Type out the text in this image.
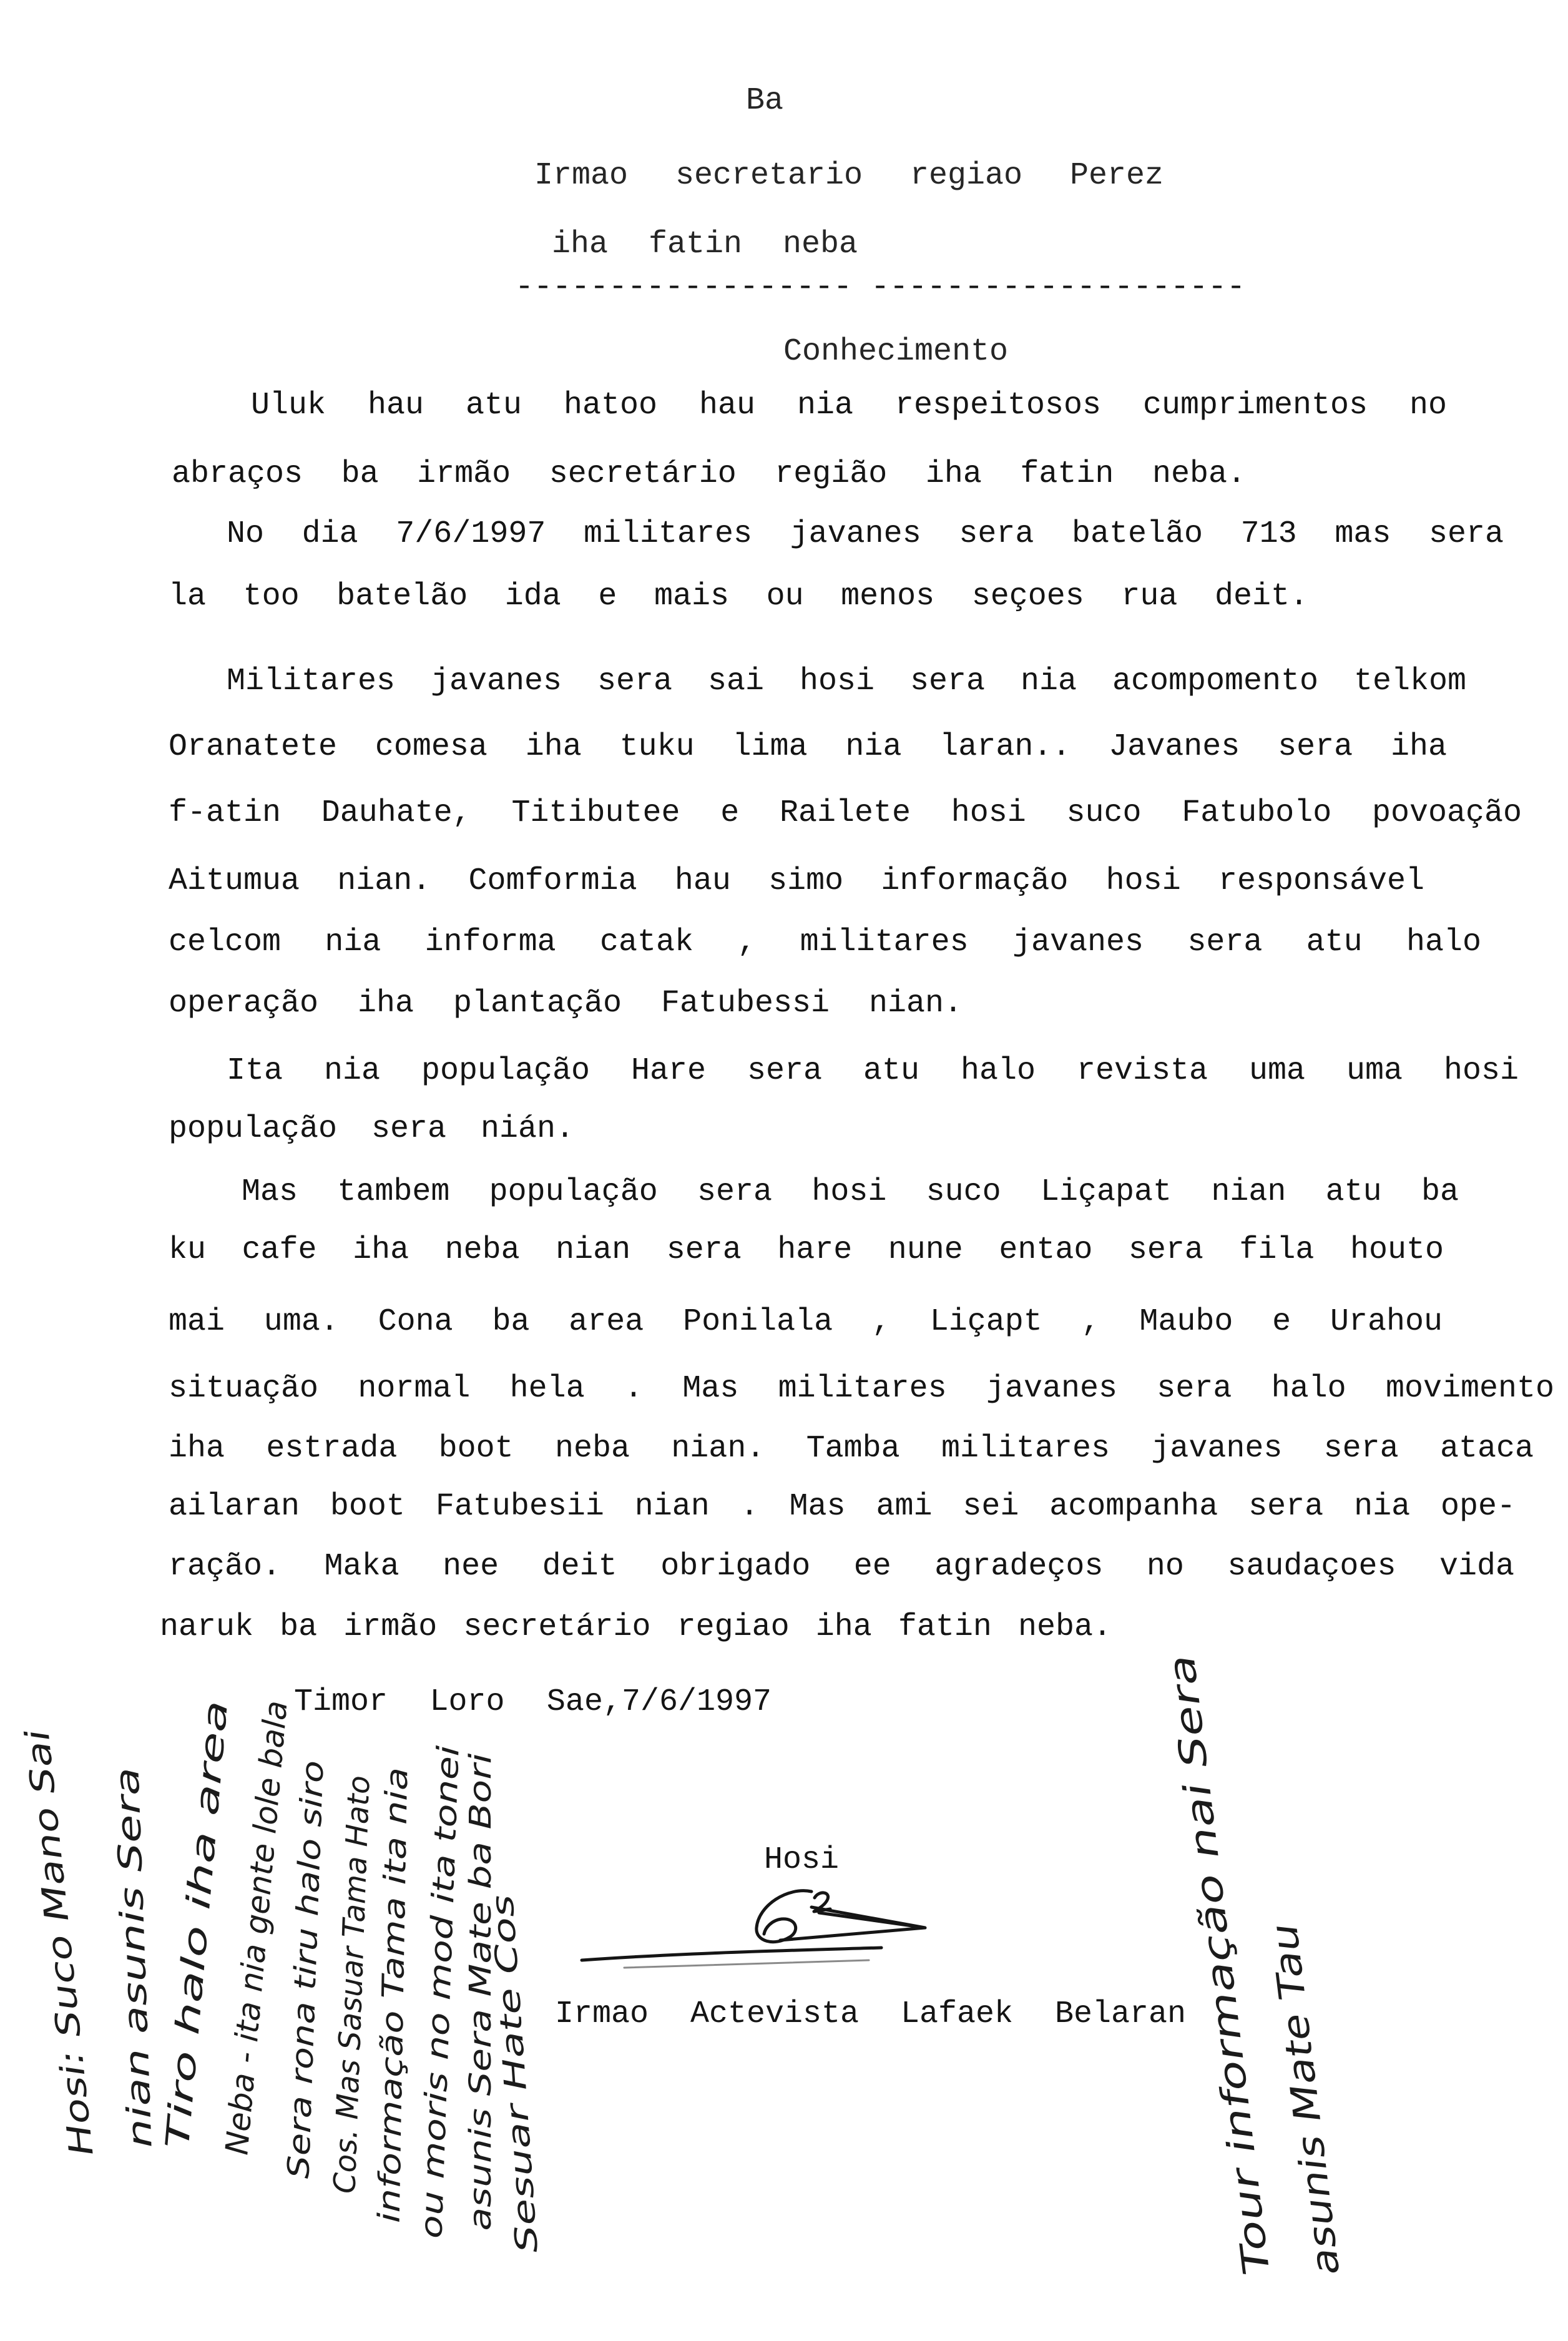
Ba
Irmao secretario regiao Perez
iha fatin neba
------------------ --------------------
Conhecimento
Uluk hau atu hatoo hau nia respeitosos cumprimentos no
abraços ba irmão secretário região iha fatin neba.
No dia 7/6/1997 militares javanes sera batelão 713 mas sera
la too batelão ida e mais ou menos seçoes rua deit.
Militares javanes sera sai hosi sera nia acompomento telkom
Oranatete comesa iha tuku lima nia laran.. Javanes sera iha
f-atin Dauhate, Titibutee e Railete hosi suco Fatubolo povoação
Aitumua nian. Comformia hau simo informação hosi responsável
celcom nia informa catak , militares javanes sera atu halo
operação iha plantação Fatubessi nian.
Ita nia população Hare sera atu halo revista uma uma hosi
população sera nián.
Mas tambem população sera hosi suco Liçapat nian atu ba
ku cafe iha neba nian sera hare nune entao sera fila houto
mai uma. Cona ba area Ponilala , Liçapt , Maubo e Urahou
situação normal hela . Mas militares javanes sera halo movimento
iha estrada boot neba nian. Tamba militares javanes sera ataca
ailaran boot Fatubesii nian . Mas ami sei acompanha sera nia ope-
ração. Maka nee deit obrigado ee agradeços no saudaçoes vida
naruk ba irmão secretário regiao iha fatin neba.
Timor Loro Sae,7/6/1997
Hosi
Irmao Actevista Lafaek Belaran
Hosi: Suco Mano Sai nian asunis Sera Tiro halo iha area
Neba - ita nia gente lole bala
Sera rona tiru halo siro
Cos. Mas Sasuar Tama Hato
informação Tama ita nia ou moris no mod ita tonei asunis Sera Mate ba Bori
Sesuar Hate Cos	Tour informação nai Sera
asunis Mate Tau
